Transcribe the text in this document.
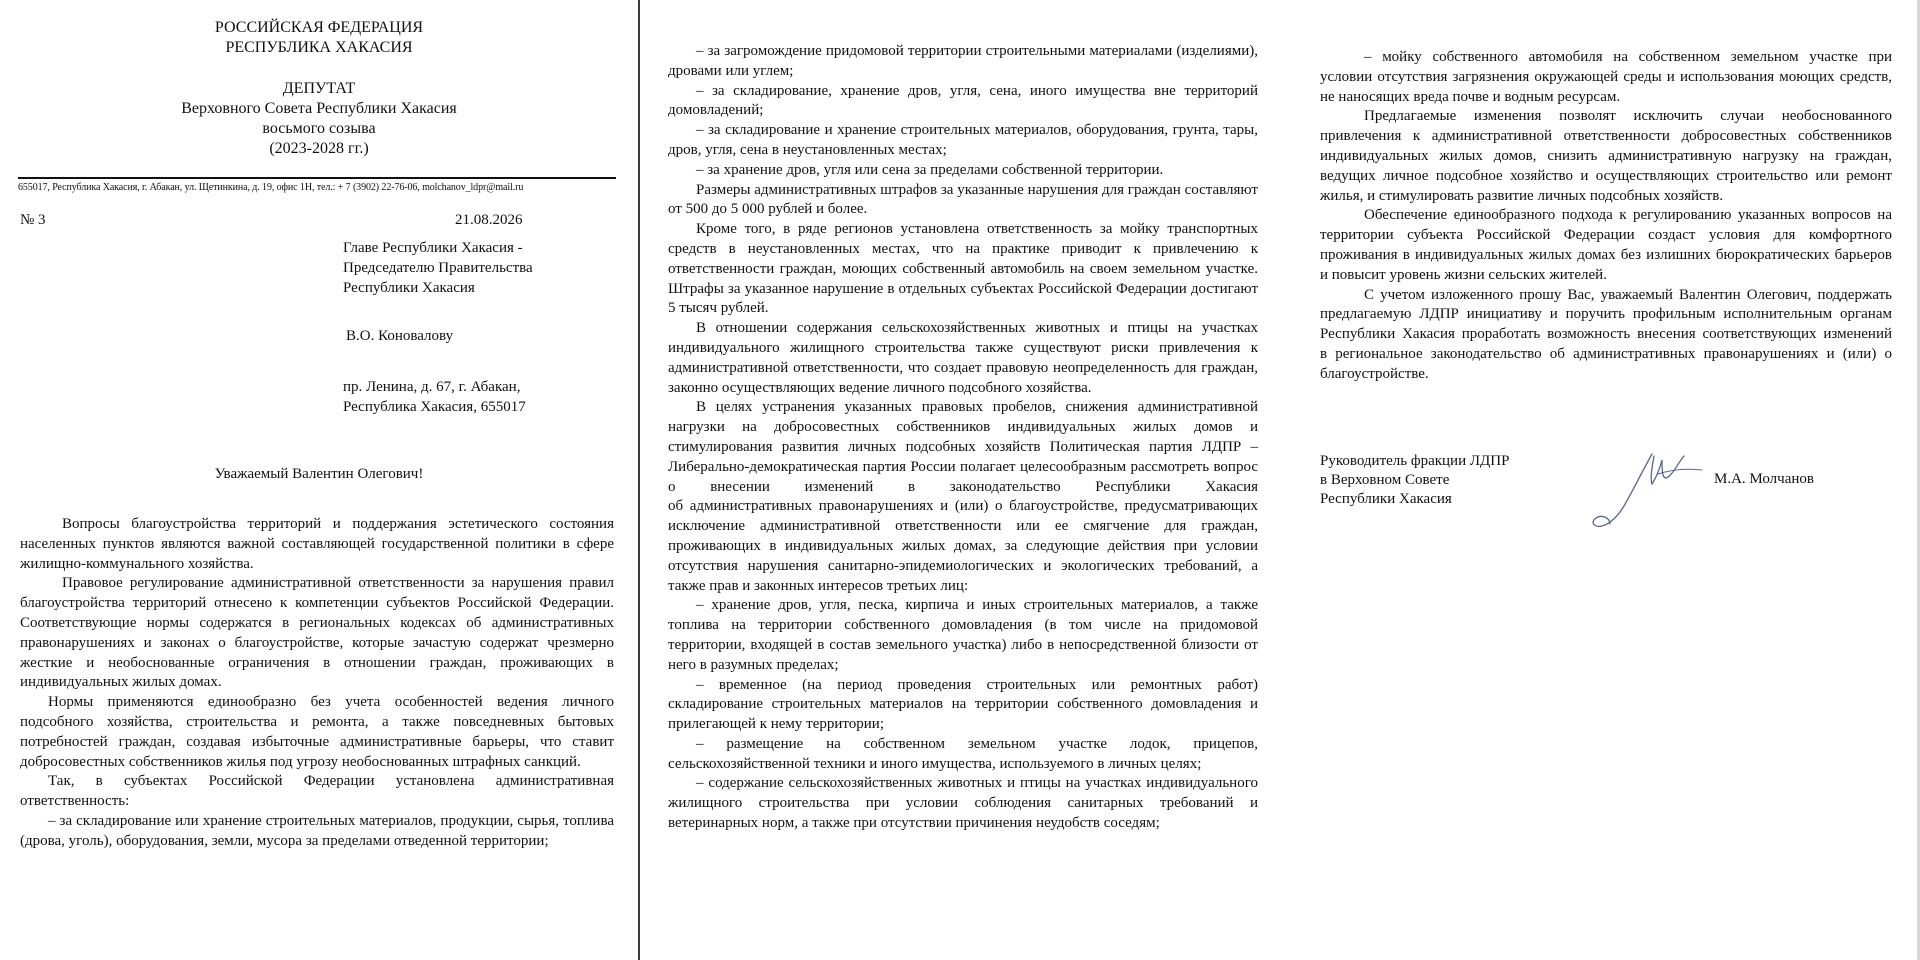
РОССИЙСКАЯ ФЕДЕРАЦИЯ
РЕСПУБЛИКА ХАКАСИЯ
ДЕПУТАТ
Верховного Совета Республики Хакасия
восьмого созыва
(2023-2028 гг.)
655017, Республика Хакасия, г. Абакан, ул. Щетинкина, д. 19, офис 1Н, тел.: + 7 (3902) 22-76-06, molchanov_ldpr@mail.ru
№ 3	21.08.2026
Главе Республики Хакасия -
Председателю Правительства
Республики Хакасия
В.О. Коновалову
пр. Ленина, д. 67, г. Абакан,
Республика Хакасия, 655017
Уважаемый Валентин Олегович!

Вопросы благоустройства территорий и поддержания эстетического состояния населенных пунктов являются важной составляющей государственной политики в сфере жилищно-коммунального хозяйства.

Правовое регулирование административной ответственности за нарушения правил благоустройства территорий отнесено к компетенции субъектов Российской Федерации. Соответствующие нормы содержатся в региональных кодексах об административных правонарушениях и законах о благоустройстве, которые зачастую содержат чрезмерно жесткие и необоснованные ограничения в отношении граждан, проживающих в индивидуальных жилых домах.

Нормы применяются единообразно без учета особенностей ведения личного подсобного хозяйства, строительства и ремонта, а также повседневных бытовых потребностей граждан, создавая избыточные административные барьеры, что ставит добросовестных собственников жилья под угрозу необоснованных штрафных санкций.

Так, в субъектах Российской Федерации установлена административная ответственность:

– за складирование или хранение строительных материалов, продукции, сырья, топлива (дрова, уголь), оборудования, земли, мусора за пределами отведенной территории;

– за загромождение придомовой территории строительными материалами (изделиями), дровами или углем;

– за складирование, хранение дров, угля, сена, иного имущества вне территорий домовладений;

– за складирование и хранение строительных материалов, оборудования, грунта, тары, дров, угля, сена в неустановленных местах;

– за хранение дров, угля или сена за пределами собственной территории.

Размеры административных штрафов за указанные нарушения для граждан составляют от 500 до 5 000 рублей и более.

Кроме того, в ряде регионов установлена ответственность за мойку транспортных средств в неустановленных местах, что на практике приводит к привлечению к ответственности граждан, моющих собственный автомобиль на своем земельном участке. Штрафы за указанное нарушение в отдельных субъектах Российской Федерации достигают 5 тысяч рублей.

В отношении содержания сельскохозяйственных животных и птицы на участках индивидуального жилищного строительства также существуют риски привлечения к административной ответственности, что создает правовую неопределенность для граждан, законно осуществляющих ведение личного подсобного хозяйства.

В целях устранения указанных правовых пробелов, снижения административной нагрузки на добросовестных собственников индивидуальных жилых домов и стимулирования развития личных подсобных хозяйств Политическая партия ЛДПР – Либерально-демократическая партия России полагает целесообразным рассмотреть вопрос о внесении изменений в законодательство Республики Хакасия

об административных правонарушениях и (или) о благоустройстве, предусматривающих исключение административной ответственности или ее смягчение для граждан, проживающих в индивидуальных жилых домах, за следующие действия при условии отсутствия нарушения санитарно-эпидемиологических и экологических требований, а также прав и законных интересов третьих лиц:

– хранение дров, угля, песка, кирпича и иных строительных материалов, а также топлива на территории собственного домовладения (в том числе на придомовой территории, входящей в состав земельного участка) либо в непосредственной близости от него в разумных пределах;

– временное (на период проведения строительных или ремонтных работ) складирование строительных материалов на территории собственного домовладения и прилегающей к нему территории;

– размещение на собственном земельном участке лодок, прицепов, сельскохозяйственной техники и иного имущества, используемого в личных целях;

– содержание сельскохозяйственных животных и птицы на участках индивидуального жилищного строительства при условии соблюдения санитарных требований и ветеринарных норм, а также при отсутствии причинения неудобств соседям;

– мойку собственного автомобиля на собственном земельном участке при условии отсутствия загрязнения окружающей среды и использования моющих средств, не наносящих вреда почве и водным ресурсам.

Предлагаемые изменения позволят исключить случаи необоснованного привлечения к административной ответственности добросовестных собственников индивидуальных жилых домов, снизить административную нагрузку на граждан, ведущих личное подсобное хозяйство и осуществляющих строительство или ремонт жилья, и стимулировать развитие личных подсобных хозяйств.

Обеспечение единообразного подхода к регулированию указанных вопросов на территории субъекта Российской Федерации создаст условия для комфортного проживания в индивидуальных жилых домах без излишних бюрократических барьеров и повысит уровень жизни сельских жителей.

С учетом изложенного прошу Вас, уважаемый Валентин Олегович, поддержать предлагаемую ЛДПР инициативу и поручить профильным исполнительным органам Республики Хакасия проработать возможность внесения соответствующих изменений

в региональное законодательство об административных правонарушениях и (или) о благоустройстве.

Руководитель фракции ЛДПР
в Верховном Совете
Республики Хакасия
М.А. Молчанов
